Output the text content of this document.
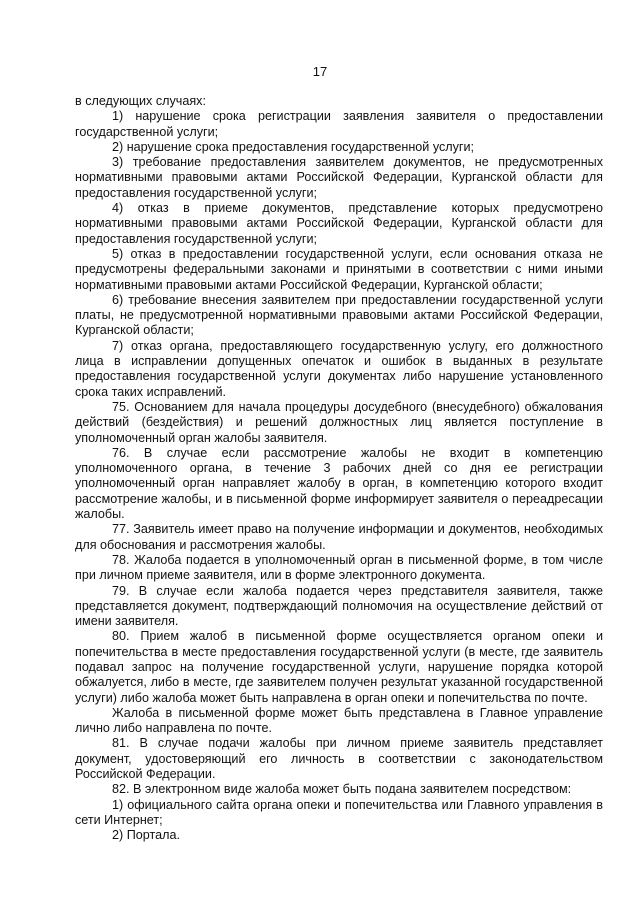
17

в следующих случаях:

1) нарушение срока регистрации заявления заявителя о предоставлении государственной услуги;

2) нарушение срока предоставления государственной услуги;

3) требование предоставления заявителем документов, не предусмотренных нормативными правовыми актами Российской Федерации, Курганской области для предоставления государственной услуги;

4) отказ в приеме документов, представление которых предусмотрено нормативными правовыми актами Российской Федерации, Курганской области для предоставления государственной услуги;

5) отказ в предоставлении государственной услуги, если основания отказа не предусмотрены федеральными законами и принятыми в соответствии с ними иными нормативными правовыми актами Российской Федерации, Курганской области;

6) требование внесения заявителем при предоставлении государственной услуги платы, не предусмотренной нормативными правовыми актами Российской Федерации, Курганской области;

7) отказ органа, предоставляющего государственную услугу, его должностного лица в исправлении допущенных опечаток и ошибок в выданных в результате предоставления государственной услуги документах либо нарушение установленного срока таких исправлений.

75. Основанием для начала процедуры досудебного (внесудебного) обжалования действий (бездействия) и решений должностных лиц является поступление в уполномоченный орган жалобы заявителя.

76. В случае если рассмотрение жалобы не входит в компетенцию уполномоченного органа, в течение 3 рабочих дней со дня ее регистрации уполномоченный орган направляет жалобу в орган, в компетенцию которого входит рассмотрение жалобы, и в письменной форме информирует заявителя о переадресации жалобы.

77. Заявитель имеет право на получение информации и документов, необходимых для обоснования и рассмотрения жалобы.

78. Жалоба подается в уполномоченный орган в письменной форме, в том числе при личном приеме заявителя, или в форме электронного документа.

79. В случае если жалоба подается через представителя заявителя, также представляется документ, подтверждающий полномочия на осуществление действий от имени заявителя.

80. Прием жалоб в письменной форме осуществляется органом опеки и попечительства в месте предоставления государственной услуги (в месте, где заявитель подавал запрос на получение государственной услуги, нарушение порядка которой обжалуется, либо в месте, где заявителем получен результат указанной государственной услуги) либо жалоба может быть направлена в орган опеки и попечительства по почте.

Жалоба в письменной форме может быть представлена в Главное управление лично либо направлена по почте.

81. В случае подачи жалобы при личном приеме заявитель представляет документ, удостоверяющий его личность в соответствии с законодательством Российской Федерации.

82. В электронном виде жалоба может быть подана заявителем посредством:

1) официального сайта органа опеки и попечительства или Главного управления в сети Интернет;

2) Портала.
